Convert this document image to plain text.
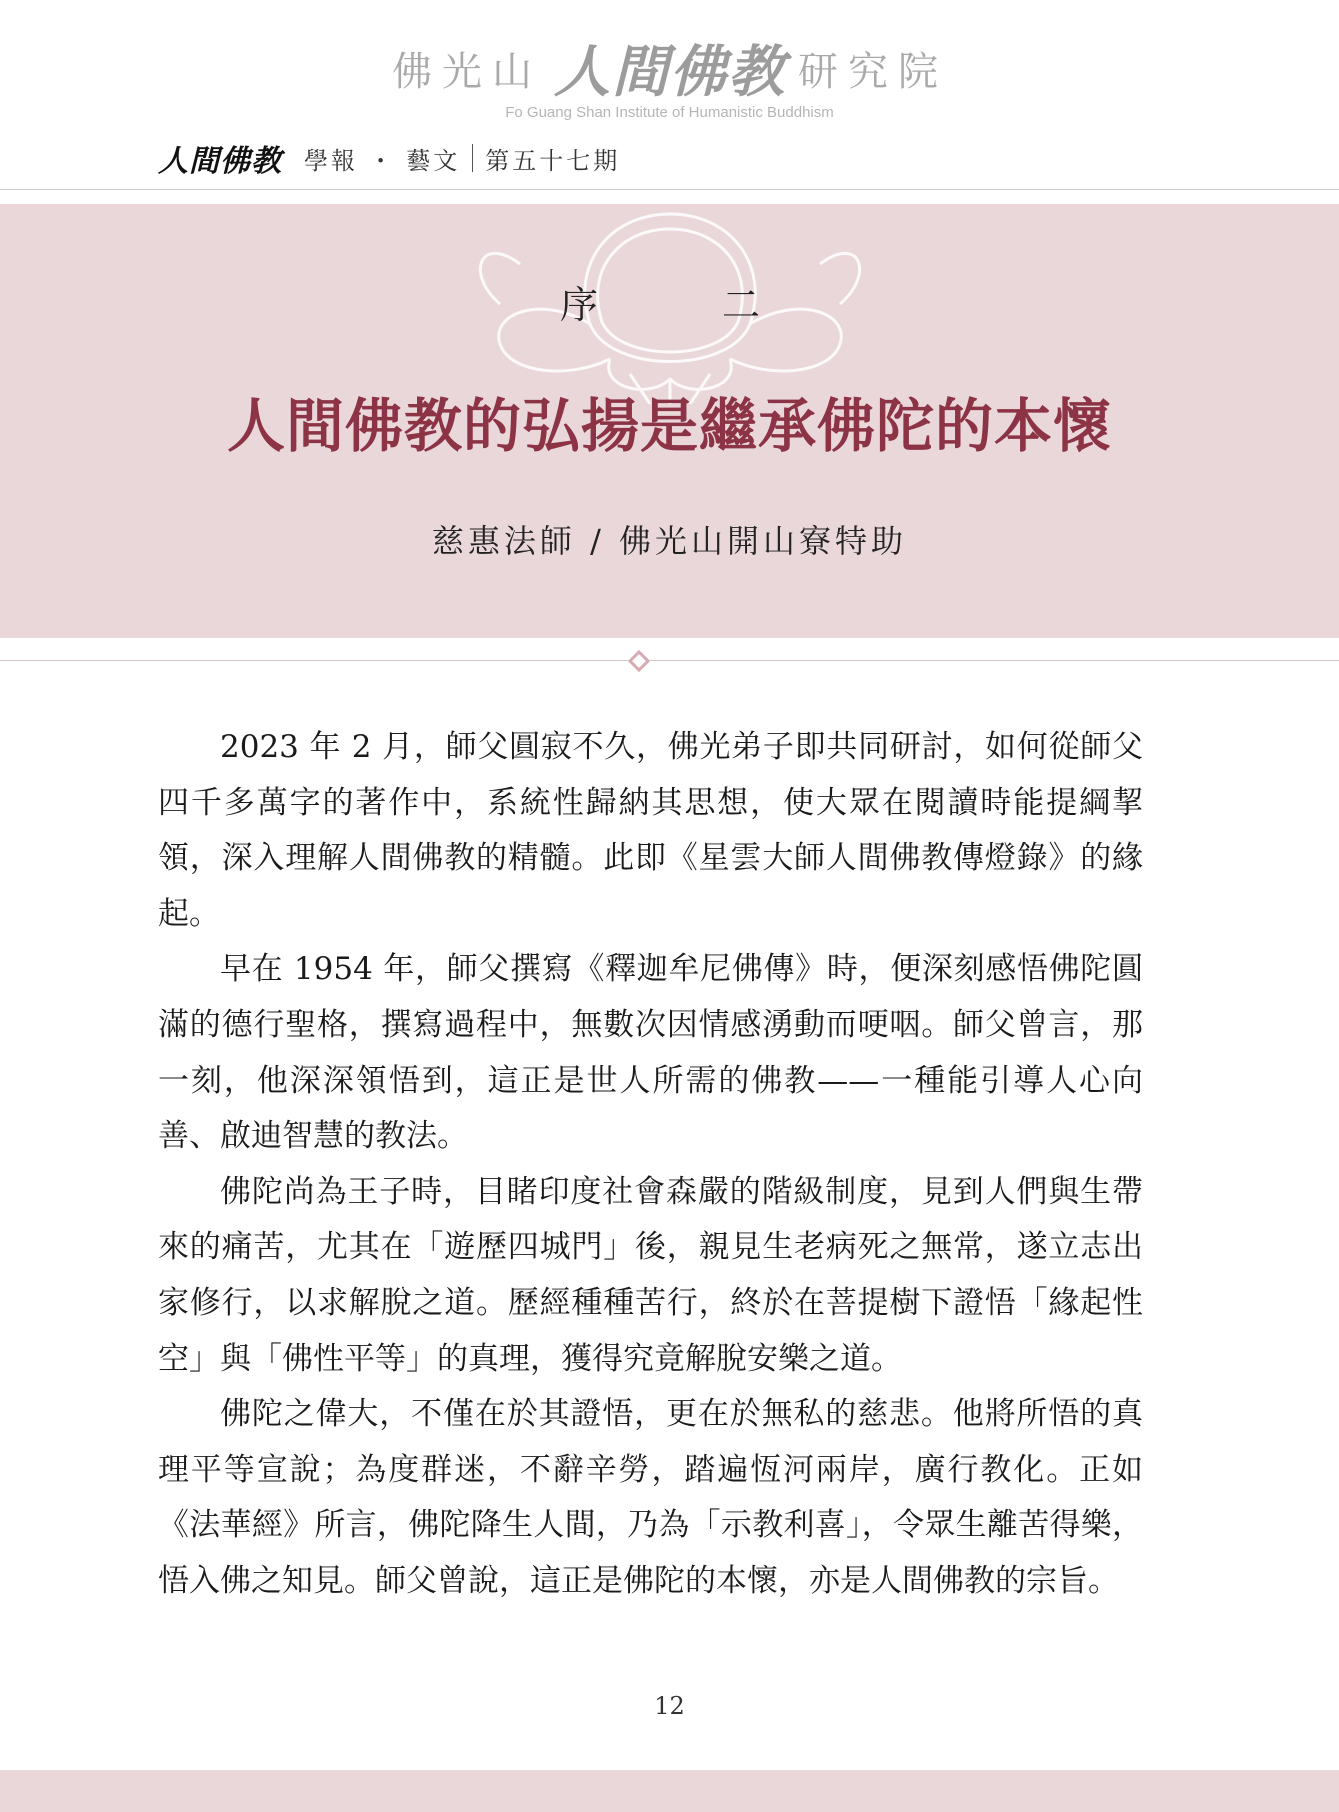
佛光山 人間佛教 研究院
Fo Guang Shan Institute of Humanistic Buddhism
人間佛教 學報 ・ 藝文 第五十七期
序	二
人間佛教的弘揚是繼承佛陀的本懷
慈惠法師 / 佛光山開山寮特助

2023 年 2 月，師父圓寂不久，佛光弟子即共同研討，如何從師父四千多萬字的著作中，系統性歸納其思想，使大眾在閱讀時能提綱挈領，深入理解人間佛教的精髓。此即《星雲大師人間佛教傳燈錄》的緣起。

早在 1954 年，師父撰寫《釋迦牟尼佛傳》時，便深刻感悟佛陀圓滿的德行聖格，撰寫過程中，無數次因情感湧動而哽咽。師父曾言，那一刻，他深深領悟到，這正是世人所需的佛教——一種能引導人心向善、啟迪智慧的教法。

佛陀尚為王子時，目睹印度社會森嚴的階級制度，見到人們與生帶來的痛苦，尤其在「遊歷四城門」後，親見生老病死之無常，遂立志出家修行，以求解脫之道。歷經種種苦行，終於在菩提樹下證悟「緣起性空」與「佛性平等」的真理，獲得究竟解脫安樂之道。

佛陀之偉大，不僅在於其證悟，更在於無私的慈悲。他將所悟的真理平等宣說；為度群迷，不辭辛勞，踏遍恆河兩岸，廣行教化。正如《法華經》所言，佛陀降生人間，乃為「示教利喜」，令眾生離苦得樂，悟入佛之知見。師父曾說，這正是佛陀的本懷，亦是人間佛教的宗旨。

12
